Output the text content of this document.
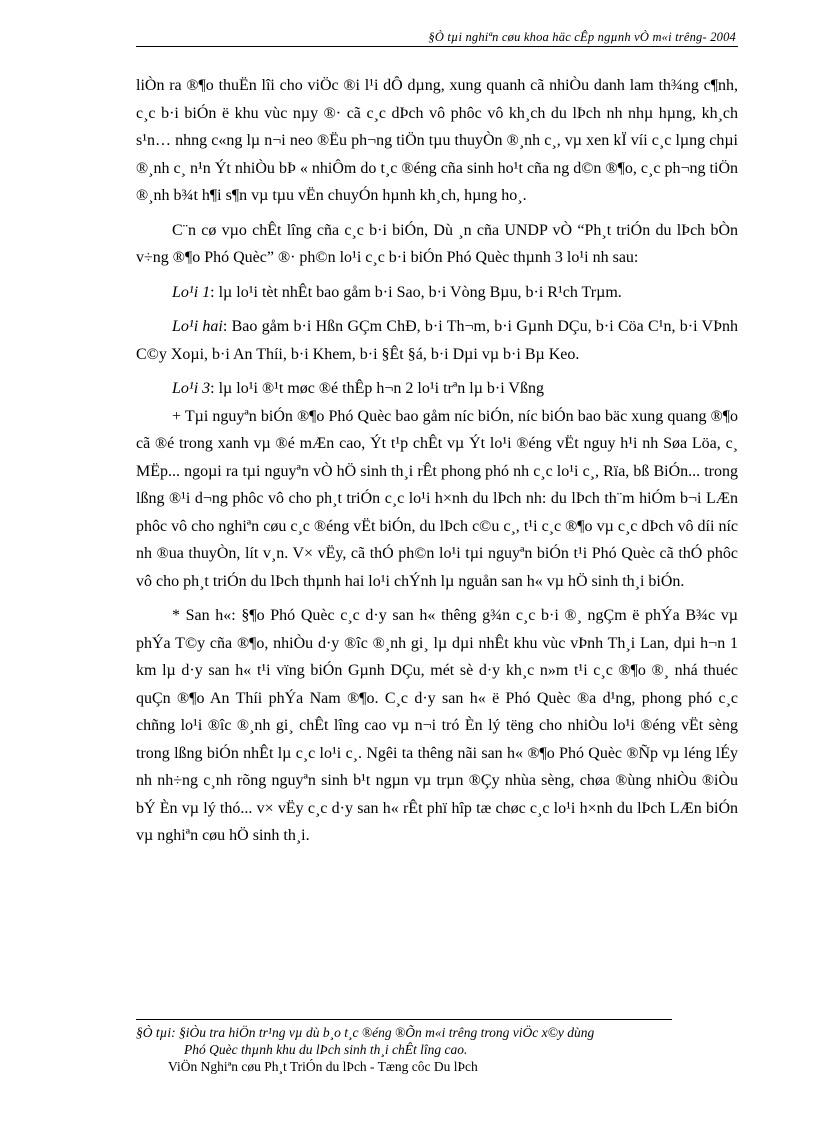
§Ò tµi nghiªn cøu khoa häc cÊp ngµnh vÒ m«i trêng- 2004

liÒn ra ®¶o thuËn lîi cho viÖc ®i l¹i dÔ dµng, xung quanh cã nhiÒu danh lam th¾ng c¶nh, c¸c b·i biÓn ë khu vùc nµy ®· cã c¸c dÞch vô phôc vô kh¸ch du lÞch nh nhµ hµng, kh¸ch s¹n… nhng c«ng lµ n¬i neo ®Ëu ph¬ng tiÖn tµu thuyÒn ®¸nh c¸, vµ xen kÏ víi c¸c lµng chµi ®¸nh c¸ n¹n Ýt nhiÒu bÞ « nhiÔm do t¸c ®éng cña sinh ho¹t cña ng d©n ®¶o, c¸c ph¬ng tiÖn ®¸nh b¾t h¶i s¶n vµ tµu vËn chuyÓn hµnh kh¸ch, hµng ho¸.

C¨n cø vµo chÊt lîng cña c¸c b·i biÓn, Dù ¸n cña UNDP vÒ “Ph¸t triÓn du lÞch bÒn v÷ng ®¶o Phó Quèc” ®· ph©n lo¹i c¸c b·i biÓn Phó Quèc thµnh 3 lo¹i nh sau:

Lo¹i 1: lµ lo¹i tèt nhÊt bao gåm b·i Sao, b·i Vòng Bµu, b·i R¹ch Trµm.

Lo¹i hai: Bao gåm b·i Hßn GÇm ChÐ, b·i Th¬m, b·i Gµnh DÇu, b·i Cöa C¹n, b·i VÞnh C©y Xoµi, b·i An Thíi, b·i Khem, b·i §Êt §á, b·i Dµi vµ b·i Bµ Keo.

Lo¹i 3: lµ lo¹i ®¹t møc ®é thÊp h¬n 2 lo¹i trªn lµ b·i Vßng

+ Tµi nguyªn biÓn ®¶o Phó Quèc bao gåm níc biÓn, níc biÓn bao bäc xung quang ®¶o cã ®é trong xanh vµ ®é mÆn cao, Ýt t¹p chÊt vµ Ýt lo¹i ®éng vËt nguy h¹i nh Søa Löa, c¸ MËp... ngoµi ra tµi nguyªn vÒ hÖ sinh th¸i rÊt phong phó nh c¸c lo¹i c¸, Rïa, bß BiÓn... trong lßng ®¹i d¬ng phôc vô cho ph¸t triÓn c¸c lo¹i h×nh du lÞch nh: du lÞch th¨m hiÓm b¬i LÆn phôc vô cho nghiªn cøu c¸c ®éng vËt biÓn, du lÞch c©u c¸, t¹i c¸c ®¶o vµ c¸c dÞch vô díi níc nh ®ua thuyÒn, lít v¸n. V× vËy, cã thÓ ph©n lo¹i tµi nguyªn biÓn t¹i Phó Quèc cã thÓ phôc vô cho ph¸t triÓn du lÞch thµnh hai lo¹i chÝnh lµ nguån san h« vµ hÖ sinh th¸i biÓn.

* San h«: §¶o Phó Quèc c¸c d·y san h« thêng g¾n c¸c b·i ®¸ ngÇm ë phÝa B¾c vµ phÝa T©y cña ®¶o, nhiÒu d·y ®îc ®¸nh gi¸ lµ dµi nhÊt khu vùc vÞnh Th¸i Lan, dµi h¬n 1 km lµ d·y san h« t¹i vïng biÓn Gµnh DÇu, mét sè d·y kh¸c n»m t¹i c¸c ®¶o ®¸ nhá thuéc quÇn ®¶o An Thíi phÝa Nam ®¶o. C¸c d·y san h« ë Phó Quèc ®a d¹ng, phong phó c¸c chñng lo¹i ®îc ®¸nh gi¸ chÊt lîng cao vµ n¬i tró Èn lý tëng cho nhiÒu lo¹i ®éng vËt sèng trong lßng biÓn nhÊt lµ c¸c lo¹i c¸. Ngêi ta thêng nãi san h« ®¶o Phó Quèc ®Ñp vµ léng lÉy nh nh÷ng c¸nh rõng nguyªn sinh b¹t ngµn vµ trµn ®Çy nhùa sèng, chøa ®ùng nhiÒu ®iÒu bÝ Èn vµ lý thó... v× vËy c¸c d·y san h« rÊt phï hîp tæ chøc c¸c lo¹i h×nh du lÞch LÆn biÓn vµ nghiªn cøu hÖ sinh th¸i.

§Ò tµi: §iÒu tra hiÖn tr¹ng vµ dù b¸o t¸c ®éng ®Õn m«i trêng trong viÖc x©y dùng
Phó Quèc thµnh khu du lÞch sinh th¸i chÊt lîng cao.
ViÖn Nghiªn cøu Ph¸t TriÓn du lÞch - Tæng côc Du lÞch
